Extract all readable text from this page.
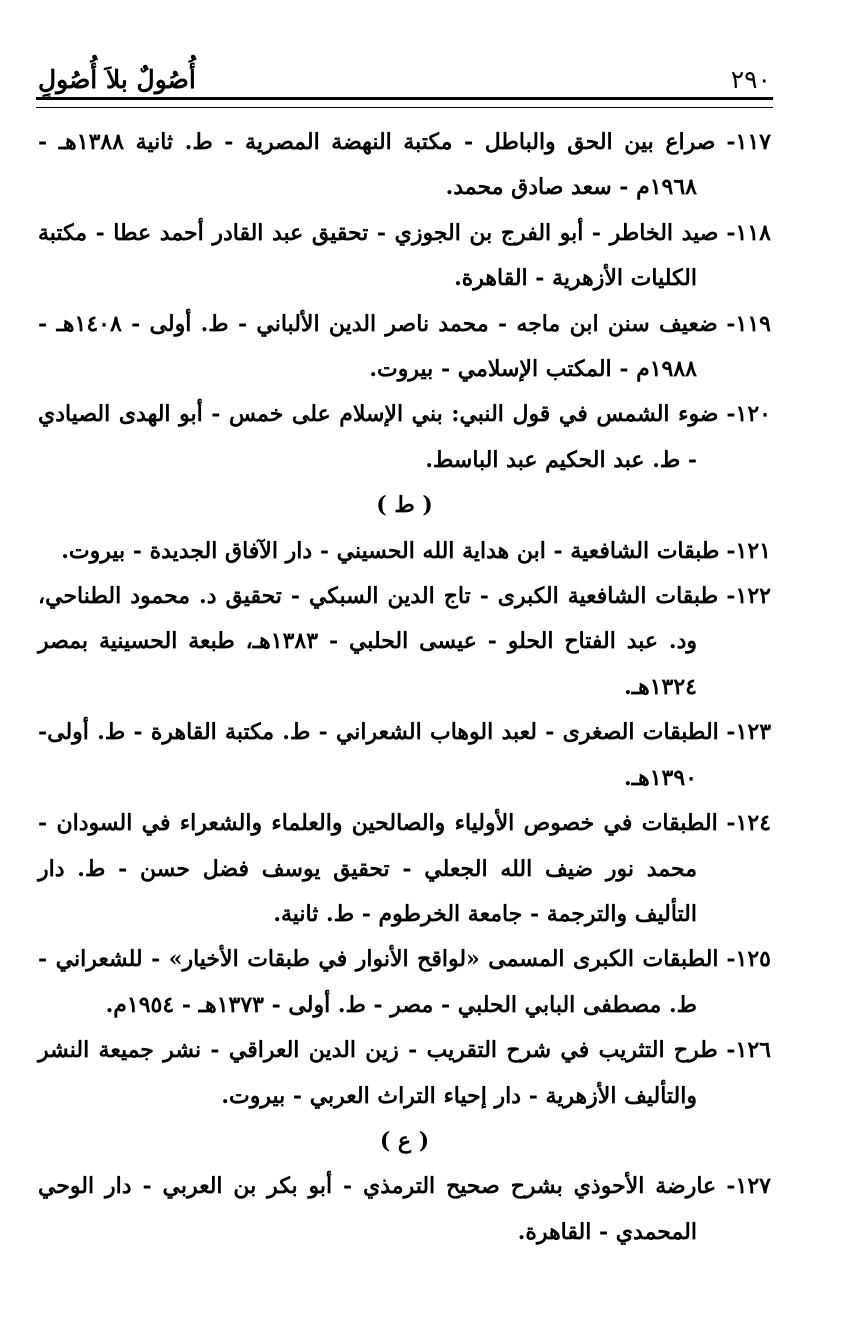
٢٩٠
أُصُولٌ بلاَ أُصُولٍ

١١٧- صراع بين الحق والباطل - مكتبة النهضة المصرية - ط. ثانية ١٣٨٨هـ - ١٩٦٨م - سعد صادق محمد.

١١٨- صيد الخاطر - أبو الفرج بن الجوزي - تحقيق عبد القادر أحمد عطا - مكتبة الكليات الأزهرية - القاهرة.

١١٩- ضعيف سنن ابن ماجه - محمد ناصر الدين الألباني - ط. أولى - ١٤٠٨هـ - ١٩٨٨م - المكتب الإسلامي - بيروت.

١٢٠- ضوء الشمس في قول النبي: بني الإسلام على خمس - أبو الهدى الصيادي - ط. عبد الحكيم عبد الباسط.

( ط )

١٢١- طبقات الشافعية - ابن هداية الله الحسيني - دار الآفاق الجديدة - بيروت.

١٢٢- طبقات الشافعية الكبرى - تاج الدين السبكي - تحقيق د. محمود الطناحي، ود. عبد الفتاح الحلو - عيسى الحلبي - ١٣٨٣هـ، طبعة الحسينية بمصر ١٣٢٤هـ.

١٢٣- الطبقات الصغرى - لعبد الوهاب الشعراني - ط. مكتبة القاهرة - ط. أولى- ١٣٩٠هـ.

١٢٤- الطبقات في خصوص الأولياء والصالحين والعلماء والشعراء في السودان - محمد نور ضيف الله الجعلي - تحقيق يوسف فضل حسن - ط. دار التأليف والترجمة - جامعة الخرطوم - ط. ثانية.

١٢٥- الطبقات الكبرى المسمى «لواقح الأنوار في طبقات الأخيار» - للشعراني - ط. مصطفى البابي الحلبي - مصر - ط. أولى - ١٣٧٣هـ - ١٩٥٤م.

١٢٦- طرح التثريب في شرح التقريب - زين الدين العراقي - نشر جميعة النشر والتأليف الأزهرية - دار إحياء التراث العربي - بيروت.

( ع )

١٢٧- عارضة الأحوذي بشرح صحيح الترمذي - أبو بكر بن العربي - دار الوحي المحمدي - القاهرة.
